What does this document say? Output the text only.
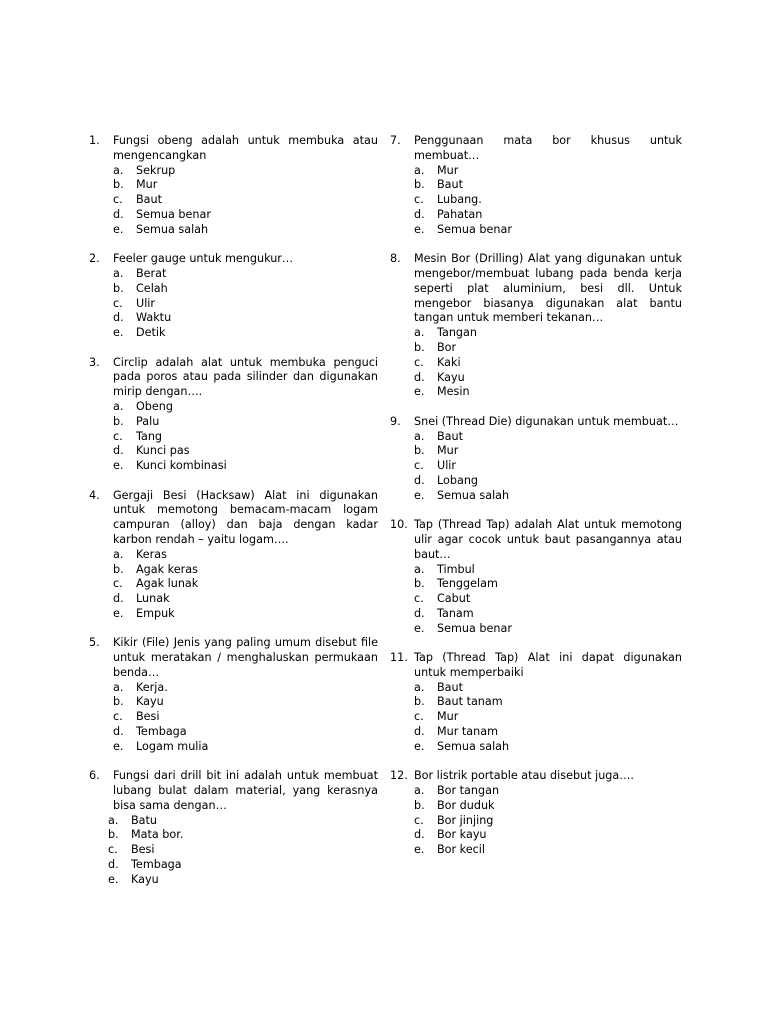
1. Fungsi obeng adalah untuk membuka atau mengencangkan
a. Sekrup
b. Mur
c. Baut
d. Semua benar
e. Semua salah
2. Feeler gauge untuk mengukur…
a. Berat
b. Celah
c. Ulir
d. Waktu
e. Detik
3. Circlip adalah alat untuk membuka penguci pada poros atau pada silinder dan digunakan mirip dengan….
a. Obeng
b. Palu
c. Tang
d. Kunci pas
e. Kunci kombinasi
4. Gergaji Besi (Hacksaw) Alat ini digunakan untuk memotong bemacam-macam logam campuran (alloy) dan baja dengan kadar karbon rendah – yaitu logam….
a. Keras
b. Agak keras
c. Agak lunak
d. Lunak
e. Empuk
5. Kikir (File) Jenis yang paling umum disebut file untuk meratakan / menghaluskan permukaan benda…
a. Kerja.
b. Kayu
c. Besi
d. Tembaga
e. Logam mulia
6. Fungsi dari drill bit ini adalah untuk membuat lubang bulat dalam material, yang kerasnya bisa sama dengan…
a. Batu
b. Mata bor.
c. Besi
d. Tembaga
e. Kayu
7. Penggunaan mata bor khusus untuk membuat…
a. Mur
b. Baut
c. Lubang.
d. Pahatan
e. Semua benar
8. Mesin Bor (Drilling) Alat yang digunakan untuk mengebor/membuat lubang pada benda kerja seperti plat aluminium, besi dll. Untuk mengebor biasanya digunakan alat bantu tangan untuk memberi tekanan…
a. Tangan
b. Bor
c. Kaki
d. Kayu
e. Mesin
9. Snei (Thread Die) digunakan untuk membuat…
a. Baut
b. Mur
c. Ulir
d. Lobang
e. Semua salah
10. Tap (Thread Tap) adalah Alat untuk memotong ulir agar cocok untuk baut pasangannya atau baut…
a. Timbul
b. Tenggelam
c. Cabut
d. Tanam
e. Semua benar
11. Tap (Thread Tap) Alat ini dapat digunakan untuk memperbaiki
a. Baut
b. Baut tanam
c. Mur
d. Mur tanam
e. Semua salah
12. Bor listrik portable atau disebut juga….
a. Bor tangan
b. Bor duduk
c. Bor jinjing
d. Bor kayu
e. Bor kecil
